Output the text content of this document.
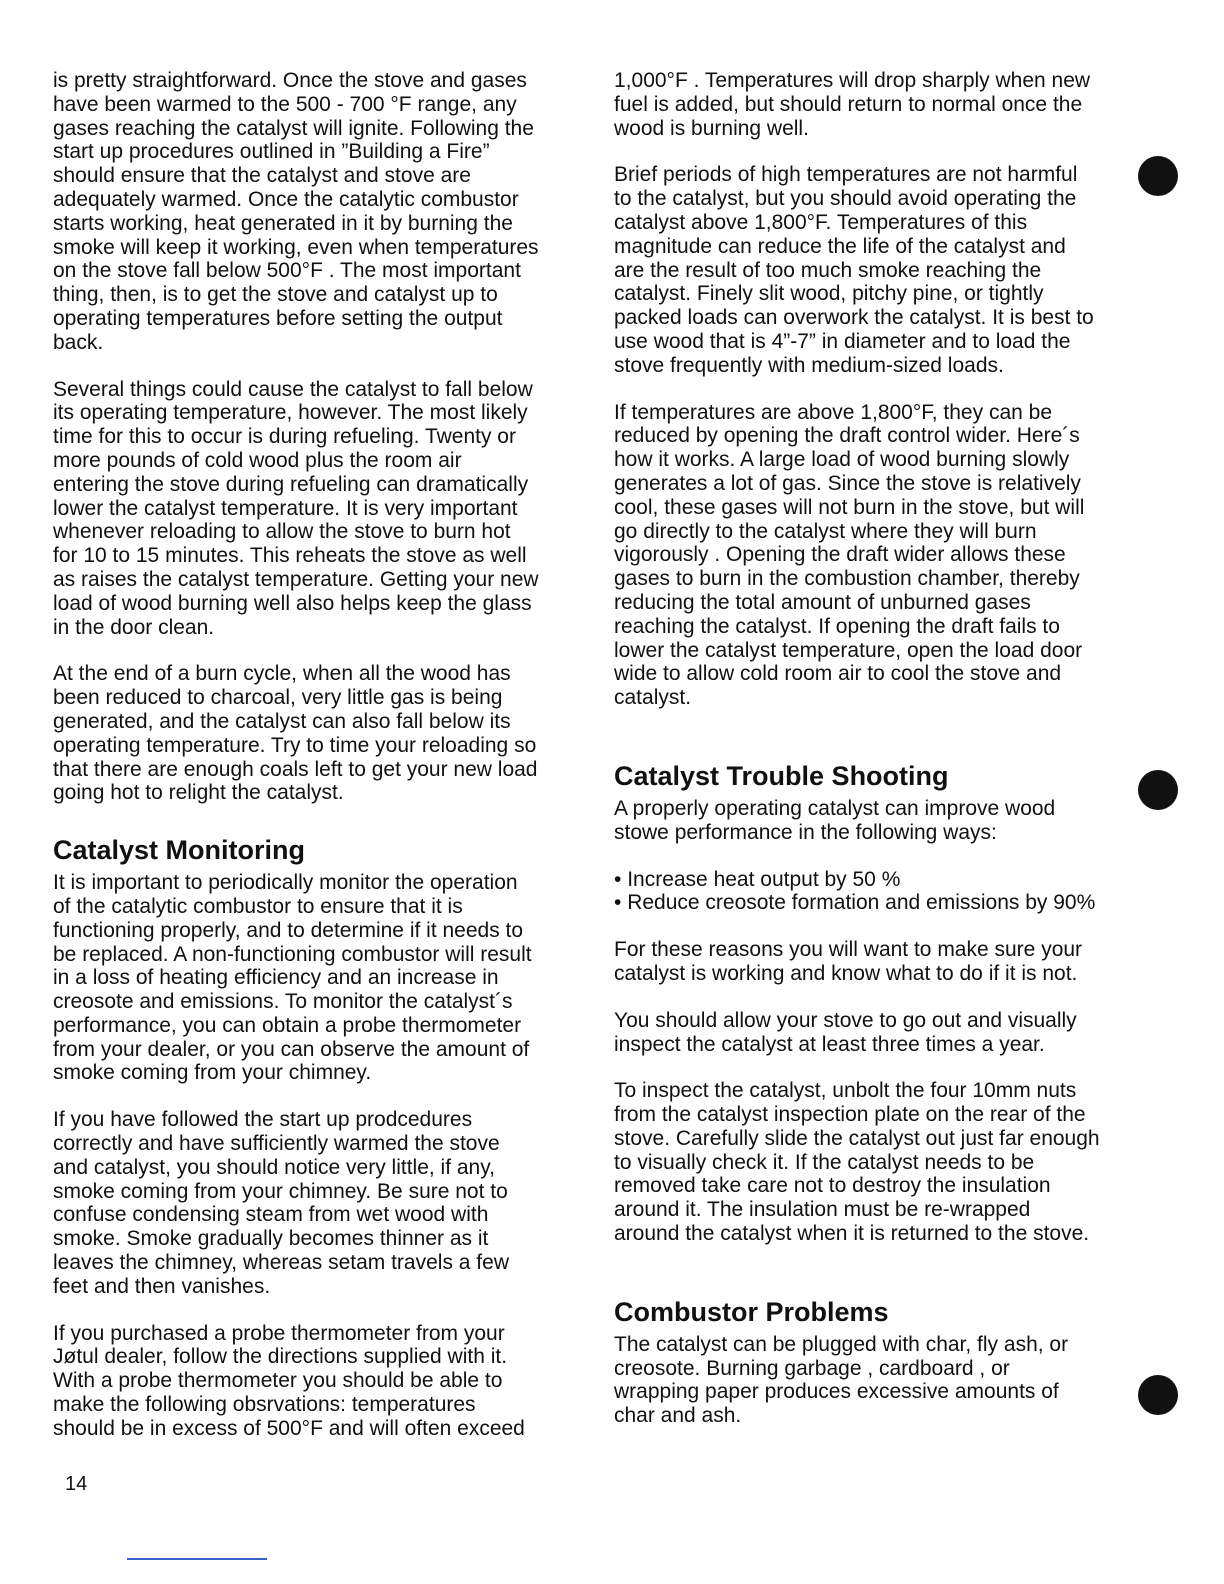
is pretty straightforward. Once the stove and gases
have been warmed to the 500 - 700 °F range, any
gases reaching the catalyst will ignite. Following the
start up procedures outlined in ”Building a Fire”
should ensure that the catalyst and stove are
adequately warmed. Once the catalytic combustor
starts working, heat generated in it by burning the
smoke will keep it working, even when temperatures
on the stove fall below 500°F . The most important
thing, then, is to get the stove and catalyst up to
operating temperatures before setting the output
back.

Several things could cause the catalyst to fall below
its operating temperature, however. The most likely
time for this to occur is during refueling. Twenty or
more pounds of cold wood plus the room air
entering the stove during refueling can dramatically
lower the catalyst temperature. It is very important
whenever reloading to allow the stove to burn hot
for 10 to 15 minutes. This reheats the stove as well
as raises the catalyst temperature. Getting your new
load of wood burning well also helps keep the glass
in the door clean.

At the end of a burn cycle, when all the wood has
been reduced to charcoal, very little gas is being
generated, and the catalyst can also fall below its
operating temperature. Try to time your reloading so
that there are enough coals left to get your new load
going hot to relight the catalyst.

Catalyst Monitoring

It is important to periodically monitor the operation
of the catalytic combustor to ensure that it is
functioning properly, and to determine if it needs to
be replaced. A non-functioning combustor will result
in a loss of heating efficiency and an increase in
creosote and emissions. To monitor the catalyst´s
performance, you can obtain a probe thermometer
from your dealer, or you can observe the amount of
smoke coming from your chimney.

If you have followed the start up prodcedures
correctly and have sufficiently warmed the stove
and catalyst, you should notice very little, if any,
smoke coming from your chimney. Be sure not to
confuse condensing steam from wet wood with
smoke. Smoke gradually becomes thinner as it
leaves the chimney, whereas setam travels a few
feet and then vanishes.

If you purchased a probe thermometer from your
Jøtul dealer, follow the directions supplied with it.
With a probe thermometer you should be able to
make the following obsrvations: temperatures
should be in excess of 500°F and will often exceed

1,000°F . Temperatures will drop sharply when new
fuel is added, but should return to normal once the
wood is burning well.

Brief periods of high temperatures are not harmful
to the catalyst, but you should avoid operating the
catalyst above 1,800°F. Temperatures of this
magnitude can reduce the life of the catalyst and
are the result of too much smoke reaching the
catalyst. Finely slit wood, pitchy pine, or tightly
packed loads can overwork the catalyst. It is best to
use wood that is 4”-7” in diameter and to load the
stove frequently with medium-sized loads.

If temperatures are above 1,800°F, they can be
reduced by opening the draft control wider. Here´s
how it works. A large load of wood burning slowly
generates a lot of gas. Since the stove is relatively
cool, these gases will not burn in the stove, but will
go directly to the catalyst where they will burn
vigorously . Opening the draft wider allows these
gases to burn in the combustion chamber, thereby
reducing the total amount of unburned gases
reaching the catalyst. If opening the draft fails to
lower the catalyst temperature, open the load door
wide to allow cold room air to cool the stove and
catalyst.

Catalyst Trouble Shooting

A properly operating catalyst can improve wood
stowe performance in the following ways:

• Increase heat output by 50 %
• Reduce creosote formation and emissions by 90%

For these reasons you will want to make sure your
catalyst is working and know what to do if it is not.

You should allow your stove to go out and visually
inspect the catalyst at least three times a year.

To inspect the catalyst, unbolt the four 10mm nuts
from the catalyst inspection plate on the rear of the
stove. Carefully slide the catalyst out just far enough
to visually check it. If the catalyst needs to be
removed take care not to destroy the insulation
around it. The insulation must be re-wrapped
around the catalyst when it is returned to the stove.

Combustor Problems

The catalyst can be plugged with char, fly ash, or
creosote. Burning garbage , cardboard , or
wrapping paper produces excessive amounts of
char and ash.

14
